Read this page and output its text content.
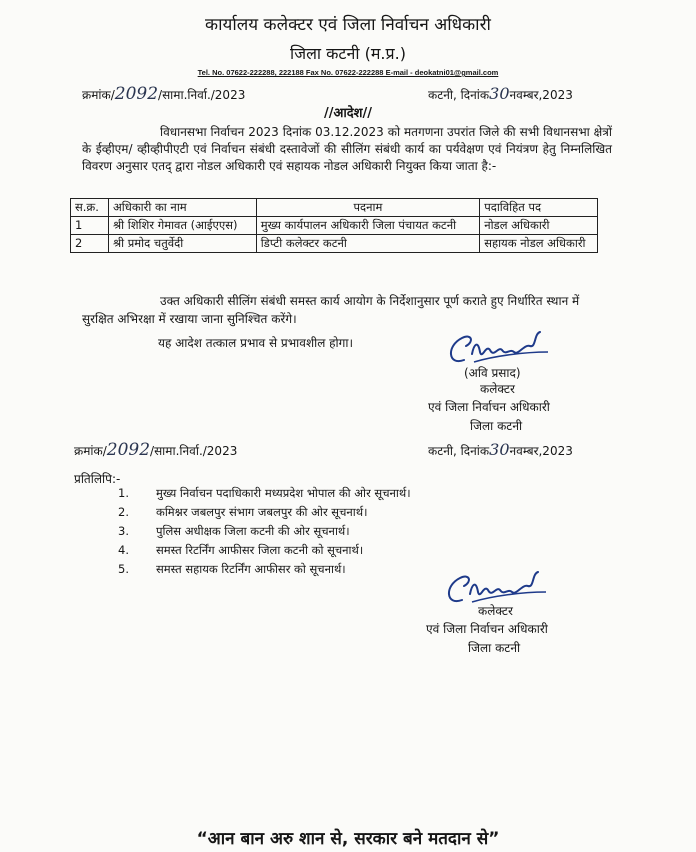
कार्यालय कलेक्टर एवं जिला निर्वाचन अधिकारी
जिला कटनी (म.प्र.)
Tel. No. 07622-222288, 222188 Fax No. 07622-222288 E-mail - deokatni01@gmail.com
क्रमांक/2092/सामा.निर्वा./2023	कटनी, दिनांक30नवम्बर,2023
//आदेश//
विधानसभा निर्वाचन 2023 दिनांक 03.12.2023 को मतगणना उपरांत जिले की सभी विधानसभा क्षेत्रों के ईव्हीएम/ व्हीव्हीपीएटी एवं निर्वाचन संबंधी दस्तावेजों की सीलिंग संबंधी कार्य का पर्यवेक्षण एवं नियंत्रण हेतु निम्नलिखित विवरण अनुसार एतद् द्वारा नोडल अधिकारी एवं सहायक नोडल अधिकारी नियुक्त किया जाता है:-
स.क्र.	अधिकारी का नाम	पदनाम	पदाविहित पद
1	श्री शिशिर गेमावत (आईएएस)	मुख्य कार्यपालन अधिकारी जिला पंचायत कटनी	नोडल अधिकारी
2	श्री प्रमोद चतुर्वेदी	डिप्टी कलेक्टर कटनी	सहायक नोडल अधिकारी
उक्त अधिकारी सीलिंग संबंधी समस्त कार्य आयोग के निर्देशानुसार पूर्ण कराते हुए निर्धारित स्थान में सुरक्षित अभिरक्षा में रखाया जाना सुनिश्चित करेंगे।
यह आदेश तत्काल प्रभाव से प्रभावशील होगा।
(अवि प्रसाद)
कलेक्टर
एवं जिला निर्वाचन अधिकारी
जिला कटनी
क्रमांक/2092/सामा.निर्वा./2023	कटनी, दिनांक30नवम्बर,2023
प्रतिलिपि:-
1.	मुख्य निर्वाचन पदाधिकारी मध्यप्रदेश भोपाल की ओर सूचनार्थ।
2.	कमिश्नर जबलपुर संभाग जबलपुर की ओर सूचनार्थ।
3.	पुलिस अधीक्षक जिला कटनी की ओर सूचनार्थ।
4.	समस्त रिटर्निंग आफीसर जिला कटनी को सूचनार्थ।
5.	समस्त सहायक रिटर्निंग आफीसर को सूचनार्थ।
कलेक्टर
एवं जिला निर्वाचन अधिकारी
जिला कटनी
“आन बान अरु शान से, सरकार बने मतदान से”
